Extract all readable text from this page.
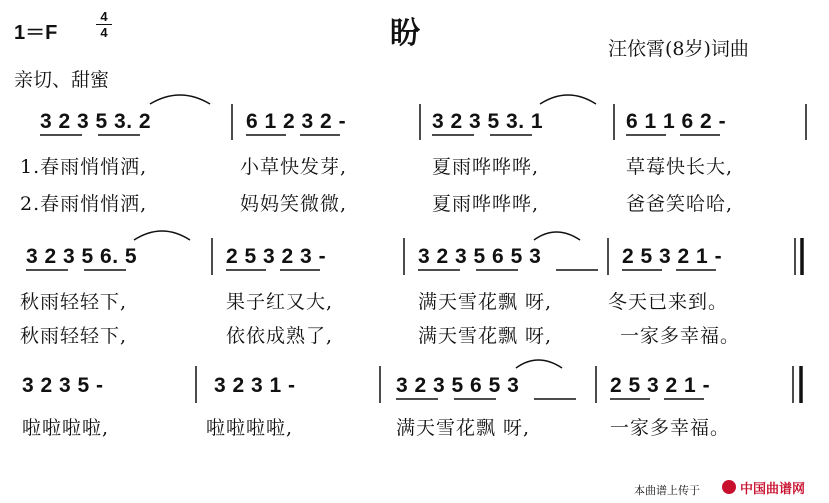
1＝F
4
4	盼	汪依霄(8岁)词曲
亲切、甜蜜
3 2 3 5 3. 2	6 1 2 3 2 -	3 2 3 5 3. 1	6 1 1 6 2 -
1.春雨悄悄洒,	小草快发芽,	夏雨哗哗哗,	草莓快长大,
2.春雨悄悄洒,	妈妈笑微微,	夏雨哗哗哗,	爸爸笑哈哈,
3 2 3 5 6. 5	2 5 3 2 3 -	3 2 3 5 6 5 3	2 5 3 2 1 -
秋雨轻轻下,	果子红又大,	满天雪花飘 呀,	冬天已来到。
秋雨轻轻下,	依依成熟了,	满天雪花飘 呀,	一家多幸福。
3 2 3 5 -	3 2 3 1 -	3 2 3 5 6 5 3	2 5 3 2 1 -
啦啦啦啦,	啦啦啦啦,	满天雪花飘 呀,	一家多幸福。
本曲谱上传于	中国曲谱网
